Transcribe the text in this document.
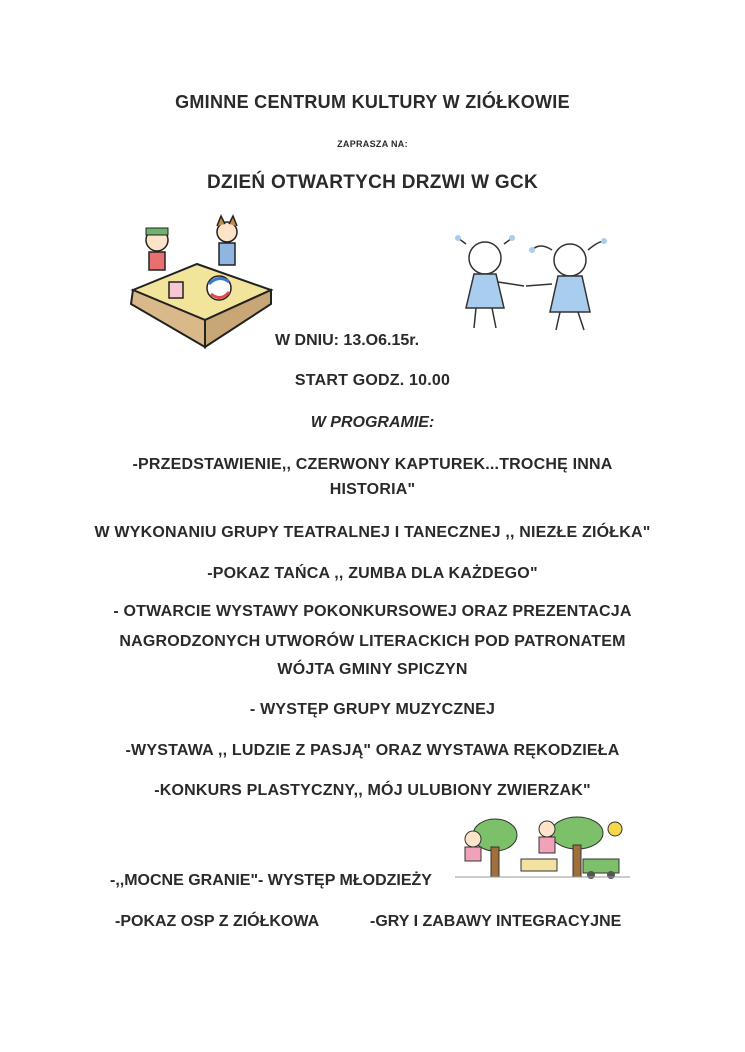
GMINNE CENTRUM KULTURY W ZIÓŁKOWIE
ZAPRASZA NA:
DZIEŃ OTWARTYCH DRZWI W GCK
W DNIU: 13.O6.15r.
START GODZ. 10.00
W PROGRAMIE:
-PRZEDSTAWIENIE,, CZERWONY KAPTUREK...TROCHĘ INNA
HISTORIA"
W WYKONANIU GRUPY TEATRALNEJ I TANECZNEJ ,, NIEZŁE ZIÓŁKA"
-POKAZ TAŃCA ,, ZUMBA DLA KAŻDEGO"
- OTWARCIE WYSTAWY POKONKURSOWEJ ORAZ PREZENTACJA
NAGRODZONYCH UTWORÓW LITERACKICH POD PATRONATEM
WÓJTA GMINY SPICZYN
- WYSTĘP GRUPY MUZYCZNEJ
-WYSTAWA ,, LUDZIE Z PASJĄ" ORAZ WYSTAWA RĘKODZIEŁA
-KONKURS PLASTYCZNY,, MÓJ ULUBIONY ZWIERZAK"
-,,MOCNE GRANIE"- WYSTĘP MŁODZIEŻY
-POKAZ OSP Z ZIÓŁKOWA	-GRY I ZABAWY INTEGRACYJNE
